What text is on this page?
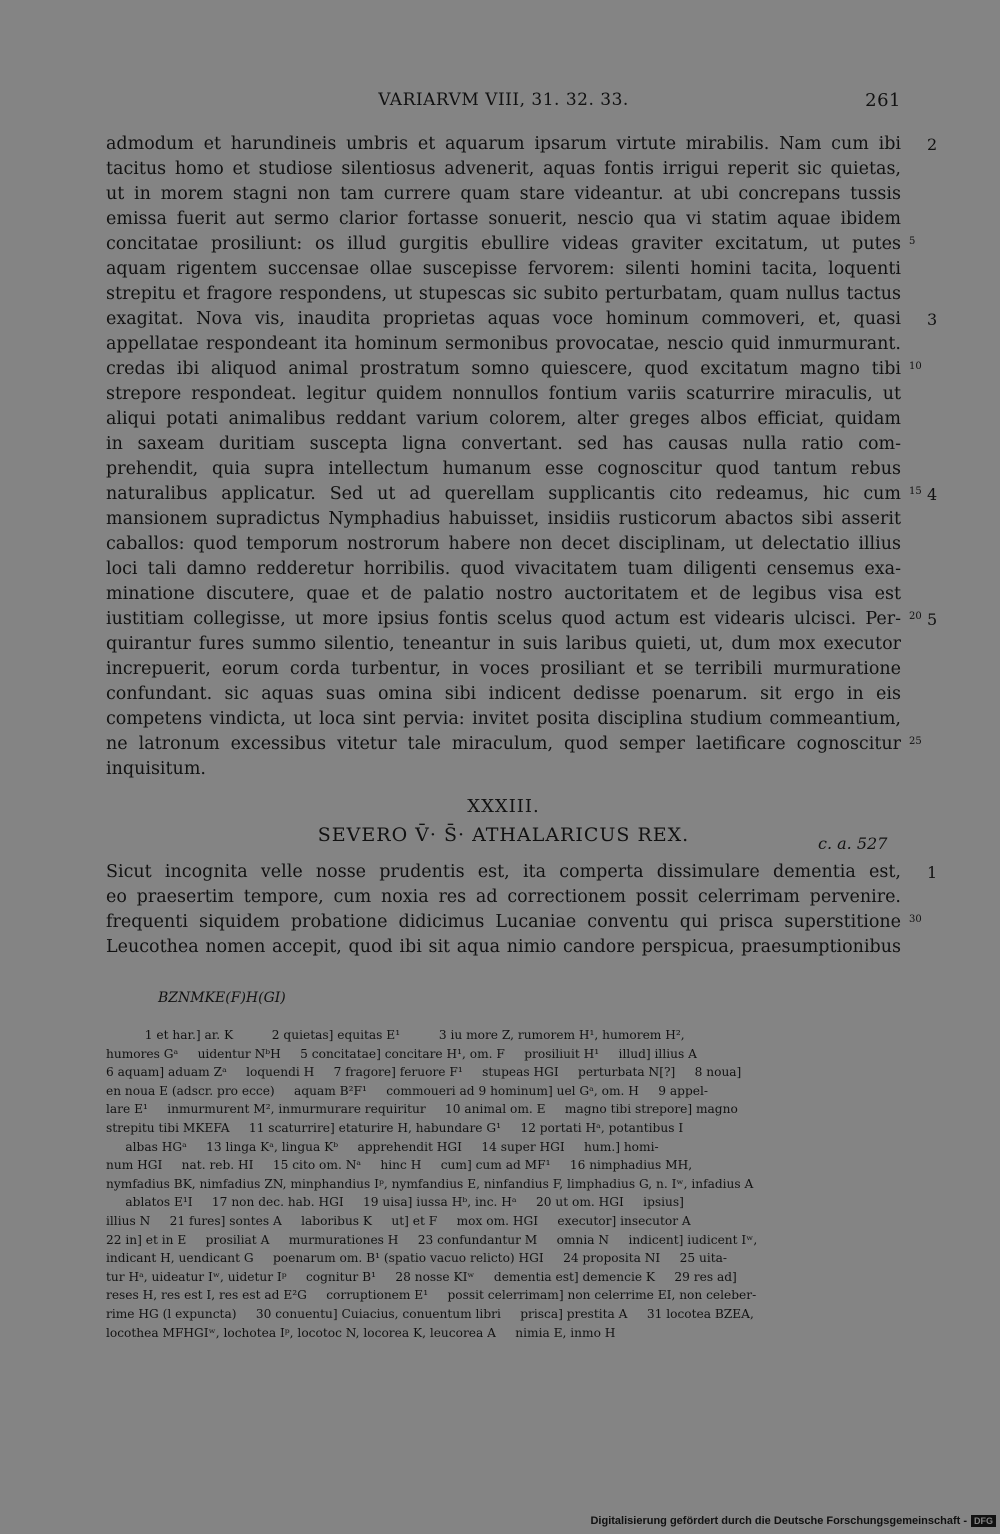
VARIARVM VIII, 31. 32. 33.	261
admodum et harundineis umbris et aquarum ipsarum virtute mirabilis. Nam cum ibi 2
tacitus homo et studiose silentiosus advenerit, aquas fontis irrigui reperit sic quietas,
ut in morem stagni non tam currere quam stare videantur. at ubi concrepans tussis
emissa fuerit aut sermo clarior fortasse sonuerit, nescio qua vi statim aquae ibidem
concitatae prosiliunt: os illud gurgitis ebullire videas graviter excitatum, ut putes 5
aquam rigentem succensae ollae suscepisse fervorem: silenti homini tacita, loquenti
strepitu et fragore respondens, ut stupescas sic subito perturbatam, quam nullus tactus
exagitat. Nova vis, inaudita proprietas aquas voce hominum commoveri, et, quasi 3
appellatae respondeant ita hominum sermonibus provocatae, nescio quid inmurmurant.
credas ibi aliquod animal prostratum somno quiescere, quod excitatum magno tibi 10
strepore respondeat. legitur quidem nonnullos fontium variis scaturrire miraculis, ut
aliqui potati animalibus reddant varium colorem, alter greges albos efficiat, quidam
in saxeam duritiam suscepta ligna convertant. sed has causas nulla ratio com-
prehendit, quia supra intellectum humanum esse cognoscitur quod tantum rebus
naturalibus applicatur. Sed ut ad querellam supplicantis cito redeamus, hic cum 15 4
mansionem supradictus Nymphadius habuisset, insidiis rusticorum abactos sibi asserit
caballos: quod temporum nostrorum habere non decet disciplinam, ut delectatio illius
loci tali damno redderetur horribilis. quod vivacitatem tuam diligenti censemus exa-
minatione discutere, quae et de palatio nostro auctoritatem et de legibus visa est
iustitiam collegisse, ut more ipsius fontis scelus quod actum est videaris ulcisci. Per- 20 5
quirantur fures summo silentio, teneantur in suis laribus quieti, ut, dum mox executor
increpuerit, eorum corda turbentur, in voces prosiliant et se terribili murmuratione
confundant. sic aquas suas omina sibi indicent dedisse poenarum. sit ergo in eis
competens vindicta, ut loca sint pervia: invitet posita disciplina studium commeantium,
ne latronum excessibus vitetur tale miraculum, quod semper laetificare cognoscitur 25
inquisitum.
XXXIII.
SEVERO V̄· S̄· ATHALARICUS REX.	c. a. 527
Sicut incognita velle nosse prudentis est, ita comperta dissimulare dementia est, 1
eo praesertim tempore, cum noxia res ad correctionem possit celerrimam pervenire.
frequenti siquidem probatione didicimus Lucaniae conventu qui prisca superstitione 30
Leucothea nomen accepit, quod ibi sit aqua nimio candore perspicua, praesumptionibus
BZNMKE(F)H(GI)
1 et har.] ar. K          2 quietas] equitas E¹          3 iu more Z, rumorem H¹, humorem H²,
humores Gᵃ     uidentur NᵇH     5 concitatae] concitare H¹, om. F     prosiliuit H¹     illud] illius A
6 aquam] aduam Zᵃ     loquendi H     7 fragore] feruore F¹     stupeas HGI     perturbata N[?]     8 noua]
en noua E (adscr. pro ecce)     aquam B²F¹     commoueri ad 9 hominum] uel Gᵃ, om. H     9 appel-
lare E¹     inmurmurent M², inmurmurare requiritur     10 animal om. E     magno tibi strepore] magno
strepitu tibi MKEFA     11 scaturrire] etaturire H, habundare G¹     12 portati Hᵃ, potantibus I
albas HGᵃ     13 linga Kᵃ, lingua Kᵇ     apprehendit HGI     14 super HGI     hum.] homi-
num HGI     nat. reb. HI     15 cito om. Nᵃ     hinc H     cum] cum ad MF¹     16 nimphadius MH,
nymfadius BK, nimfadius ZN, minphandius Iᵖ, nymfandius E, ninfandius F, limphadius G, n. Iʷ, infadius A
ablatos E¹I     17 non dec. hab. HGI     19 uisa] iussa Hᵇ, inc. Hᵃ     20 ut om. HGI     ipsius]
illius N     21 fures] sontes A     laboribus K     ut] et F     mox om. HGI     executor] insecutor A
22 in] et in E     prosiliat A     murmurationes H     23 confundantur M     omnia N     indicent] iudicent Iʷ,
indicant H, uendicant G     poenarum om. B¹ (spatio vacuo relicto) HGI     24 proposita NI     25 uita-
tur Hᵃ, uideatur Iʷ, uidetur Iᵖ     cognitur B¹     28 nosse KIʷ     dementia est] demencie K     29 res ad]
reses H, res est I, res est ad E²G     corruptionem E¹     possit celerrimam] non celerrime EI, non celeber-
rime HG (l expuncta)     30 conuentu] Cuiacius, conuentum libri     prisca] prestita A     31 locotea BZEA,
locothea MFHGIʷ, lochotea Iᵖ, locotoc N, locorea K, leucorea A     nimia E, inmo H
Digitalisierung gefördert durch die Deutsche Forschungsgemeinschaft - DFG
